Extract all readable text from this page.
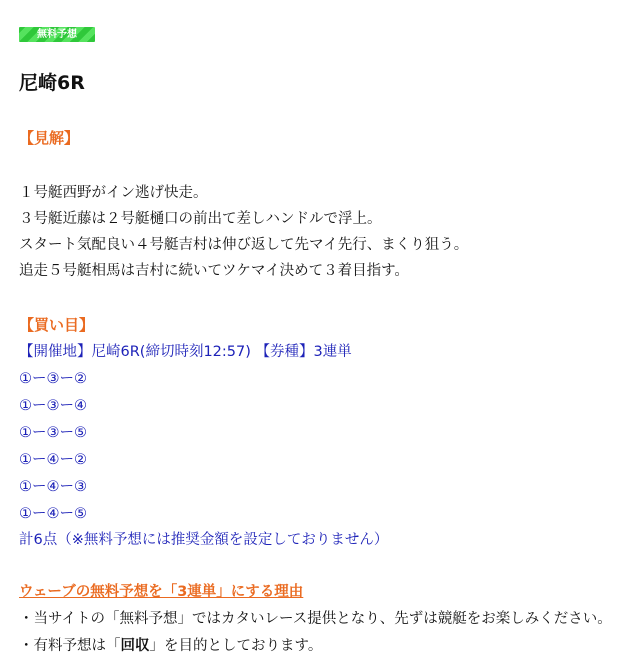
無料予想
尼崎6R
【見解】
１号艇西野がイン逃げ快走。
３号艇近藤は２号艇樋口の前出て差しハンドルで浮上。
スタート気配良い４号艇吉村は伸び返して先マイ先行、まくり狙う。
追走５号艇相馬は吉村に続いてツケマイ決めて３着目指す。
【買い目】
【開催地】尼崎6R(締切時刻12:57) 【券種】3連単
①ー③ー②
①ー③ー④
①ー③ー⑤
①ー④ー②
①ー④ー③
①ー④ー⑤
計6点（※無料予想には推奨金額を設定しておりません）
ウェーブの無料予想を「3連単」にする理由
・当サイトの「無料予想」ではカタいレース提供となり、先ずは競艇をお楽しみください。
・有料予想は「回収」を目的としております。
